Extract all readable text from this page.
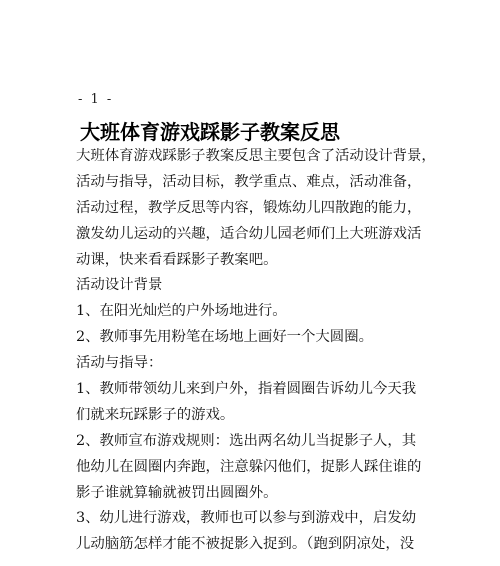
- 1 -
大班体育游戏踩影子教案反思
大班体育游戏踩影子教案反思主要包含了活动设计背景，
活动与指导，活动目标，教学重点、难点，活动准备，
活动过程，教学反思等内容，锻炼幼儿四散跑的能力，
激发幼儿运动的兴趣，适合幼儿园老师们上大班游戏活
动课，快来看看踩影子教案吧。
活动设计背景
1、在阳光灿烂的户外场地进行。
2、教师事先用粉笔在场地上画好一个大圆圈。
活动与指导：
1、教师带领幼儿来到户外，指着圆圈告诉幼儿今天我
们就来玩踩影子的游戏。
2、教师宣布游戏规则：选出两名幼儿当捉影子人，其
他幼儿在圆圈内奔跑，注意躲闪他们，捉影人踩住谁的
影子谁就算输就被罚出圆圈外。
3、幼儿进行游戏，教师也可以参与到游戏中，启发幼
儿动脑筋怎样才能不被捉影入捉到。（跑到阴凉处，没
